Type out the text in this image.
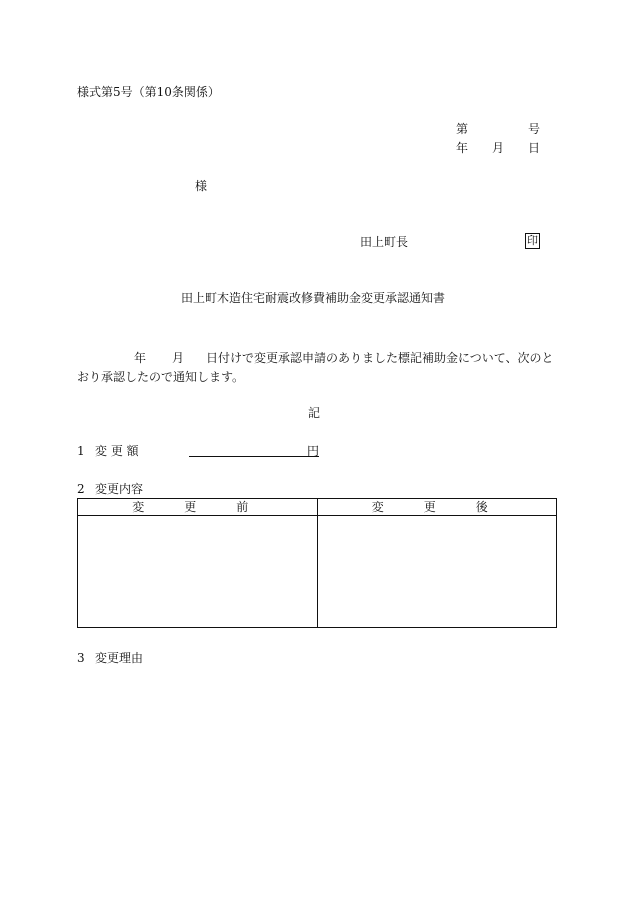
様式第5号（第10条関係）
第	号
年 月 日
様
田上町長	印
田上町木造住宅耐震改修費補助金変更承認通知書
年 月 日付けで変更承認申請のありました標記補助金について、次のとおり承認したので通知します。
記
1 変 更 額	円
2 変更内容
変　更　前	変　更　後

3 変更理由
